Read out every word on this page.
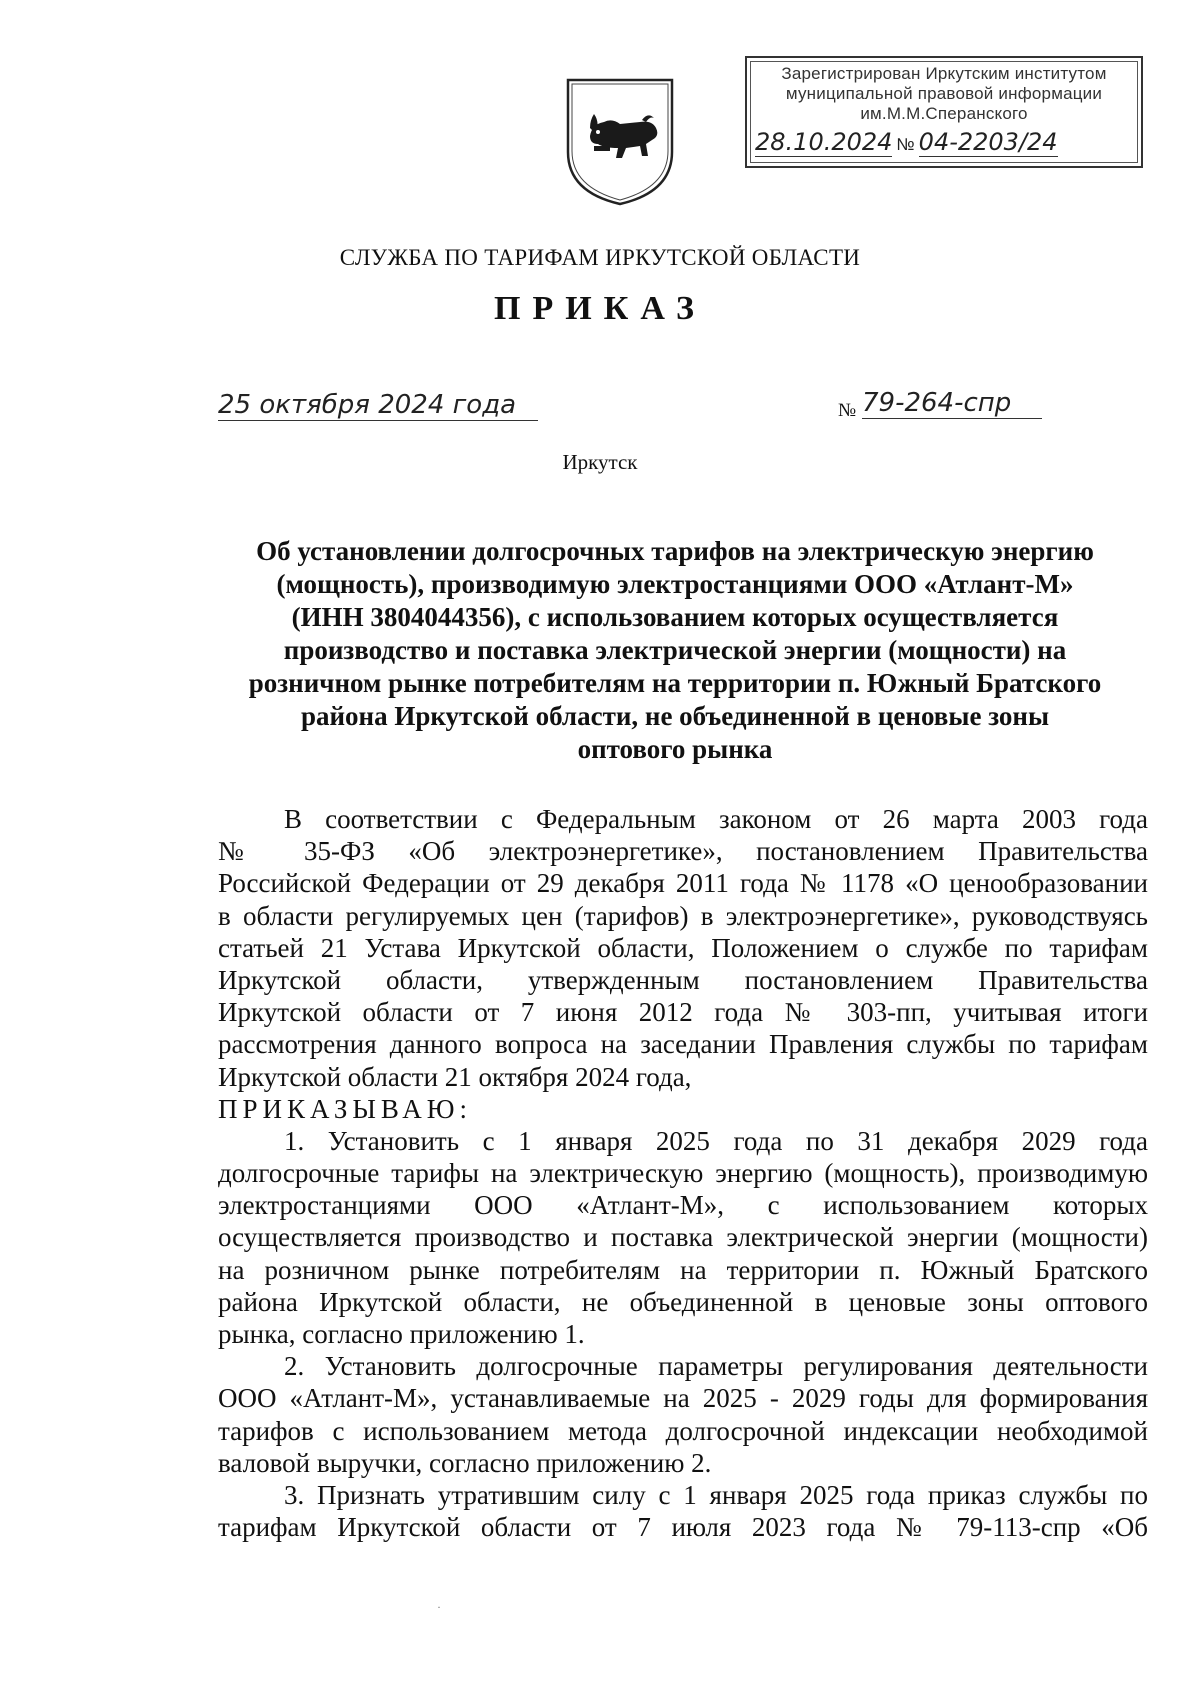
Зарегистрирован Иркутским институтом
муниципальной правовой информации
им.М.М.Сперанского
28.10.2024 № 04-2203/24
СЛУЖБА ПО ТАРИФАМ ИРКУТСКОЙ ОБЛАСТИ
ПРИКАЗ
25 октября 2024 года	№ 79-264-спр
Иркутск
Об установлении долгосрочных тарифов на электрическую энергию
(мощность), производимую электростанциями ООО «Атлант-М»
(ИНН 3804044356), с использованием которых осуществляется
производство и поставка электрической энергии (мощности) на
розничном рынке потребителям на территории п. Южный Братского
района Иркутской области, не объединенной в ценовые зоны
оптового рынка
В соответствии с Федеральным законом от 26 марта 2003 года
№ 35-ФЗ «Об электроэнергетике», постановлением Правительства
Российской Федерации от 29 декабря 2011 года № 1178 «О ценообразовании
в области регулируемых цен (тарифов) в электроэнергетике», руководствуясь
статьей 21 Устава Иркутской области, Положением о службе по тарифам
Иркутской области, утвержденным постановлением Правительства
Иркутской области от 7 июня 2012 года № 303-пп, учитывая итоги
рассмотрения данного вопроса на заседании Правления службы по тарифам
Иркутской области 21 октября 2024 года,
ПРИКАЗЫВАЮ:
1. Установить с 1 января 2025 года по 31 декабря 2029 года
долгосрочные тарифы на электрическую энергию (мощность), производимую
электростанциями ООО «Атлант-М», с использованием которых
осуществляется производство и поставка электрической энергии (мощности)
на розничном рынке потребителям на территории п. Южный Братского
района Иркутской области, не объединенной в ценовые зоны оптового
рынка, согласно приложению 1.
2. Установить долгосрочные параметры регулирования деятельности
ООО «Атлант-М», устанавливаемые на 2025 - 2029 годы для формирования
тарифов с использованием метода долгосрочной индексации необходимой
валовой выручки, согласно приложению 2.
3. Признать утратившим силу с 1 января 2025 года приказ службы по
тарифам Иркутской области от 7 июля 2023 года № 79-113-спр «Об
·
